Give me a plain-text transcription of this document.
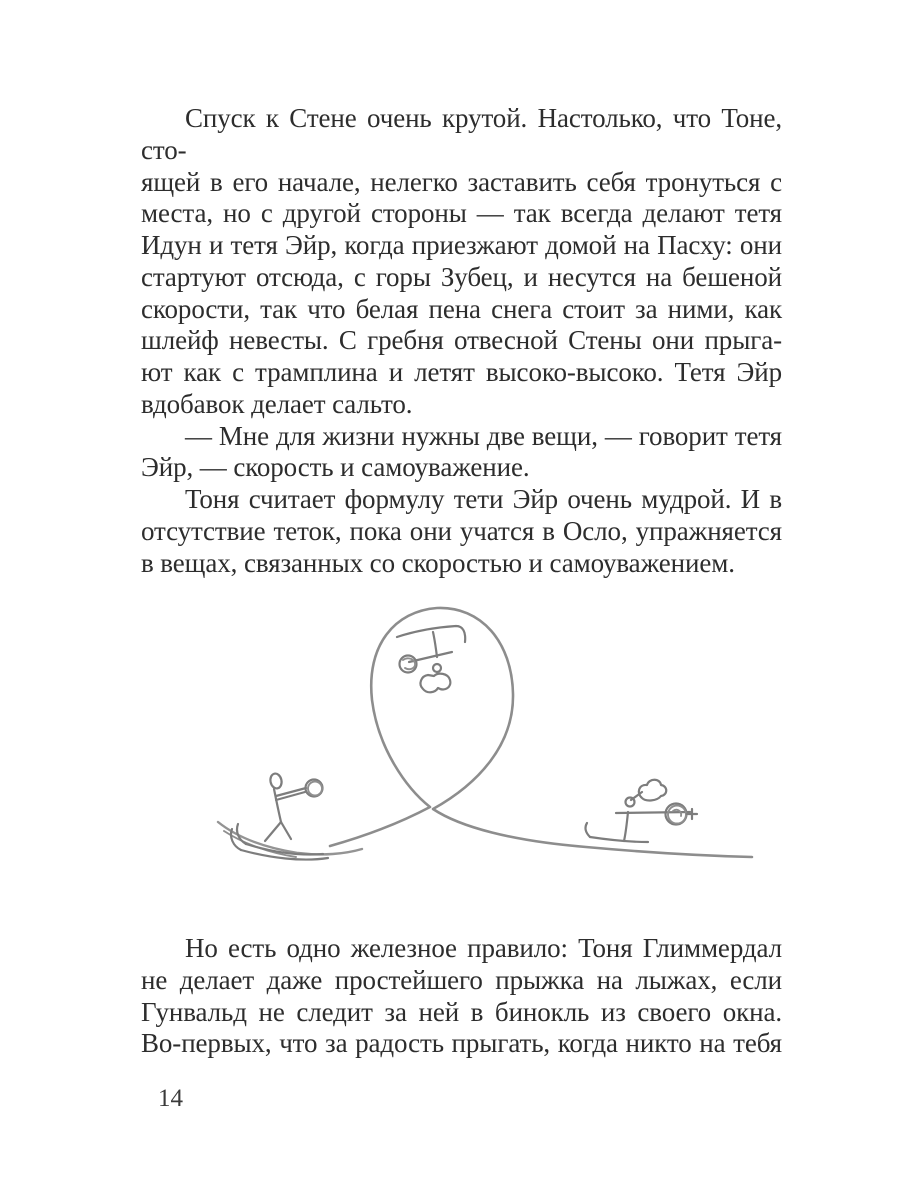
Спуск к Стене очень крутой. Настолько, что Тоне, сто-
ящей в его начале, нелегко заставить себя тронуться с
места, но с другой стороны — так всегда делают тетя
Идун и тетя Эйр, когда приезжают домой на Пасху: они
стартуют отсюда, с горы Зубец, и несутся на бешеной
скорости, так что белая пена снега стоит за ними, как
шлейф невесты. С гребня отвесной Стены они прыга-
ют как с трамплина и летят высоко-высоко. Тетя Эйр
вдобавок делает сальто.
— Мне для жизни нужны две вещи, — говорит тетя
Эйр, — скорость и самоуважение.
Тоня считает формулу тети Эйр очень мудрой. И в
отсутствие теток, пока они учатся в Осло, упражняется
в вещах, связанных со скоростью и самоуважением.
Но есть одно железное правило: Тоня Глиммердал
не делает даже простейшего прыжка на лыжах, если
Гунвальд не следит за ней в бинокль из своего окна.
Во-первых, что за радость прыгать, когда никто на тебя
14
